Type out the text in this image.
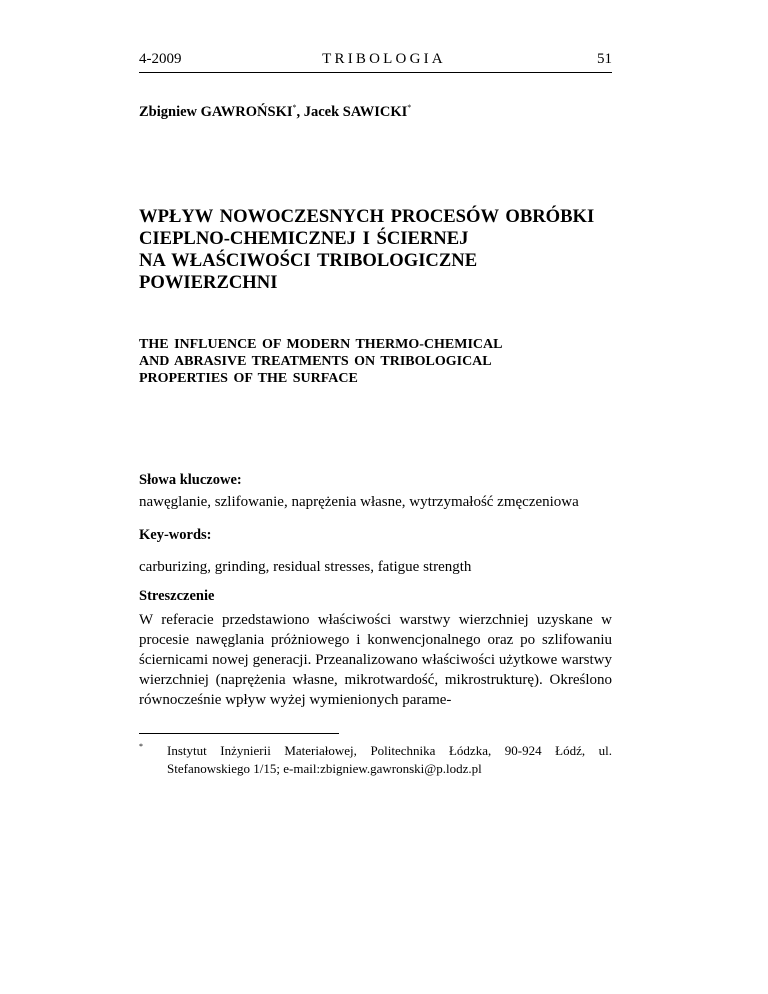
4-2009	TRIBOLOGIA	51
Zbigniew GAWROŃSKI*, Jacek SAWICKI*
WPŁYW NOWOCZESNYCH PROCESÓW OBRÓBKI
CIEPLNO-CHEMICZNEJ I ŚCIERNEJ
NA WŁAŚCIWOŚCI TRIBOLOGICZNE
POWIERZCHNI
THE INFLUENCE OF MODERN THERMO-CHEMICAL
AND ABRASIVE TREATMENTS ON TRIBOLOGICAL
PROPERTIES OF THE SURFACE
Słowa kluczowe:
nawęglanie, szlifowanie, naprężenia własne, wytrzymałość zmęczeniowa
Key-words:
carburizing, grinding, residual stresses, fatigue strength
Streszczenie
W referacie przedstawiono właściwości warstwy wierzchniej uzyskane w procesie nawęglania próżniowego i konwencjonalnego oraz po szlifowaniu ściernicami nowej generacji. Przeanalizowano właściwości użytkowe warstwy wierzchniej (naprężenia własne, mikrotwardość, mikrostrukturę). Określono równocześnie wpływ wyżej wymienionych parame-
* Instytut Inżynierii Materiałowej, Politechnika Łódzka, 90-924 Łódź, ul. Stefanowskiego 1/15; e-mail:zbigniew.gawronski@p.lodz.pl
